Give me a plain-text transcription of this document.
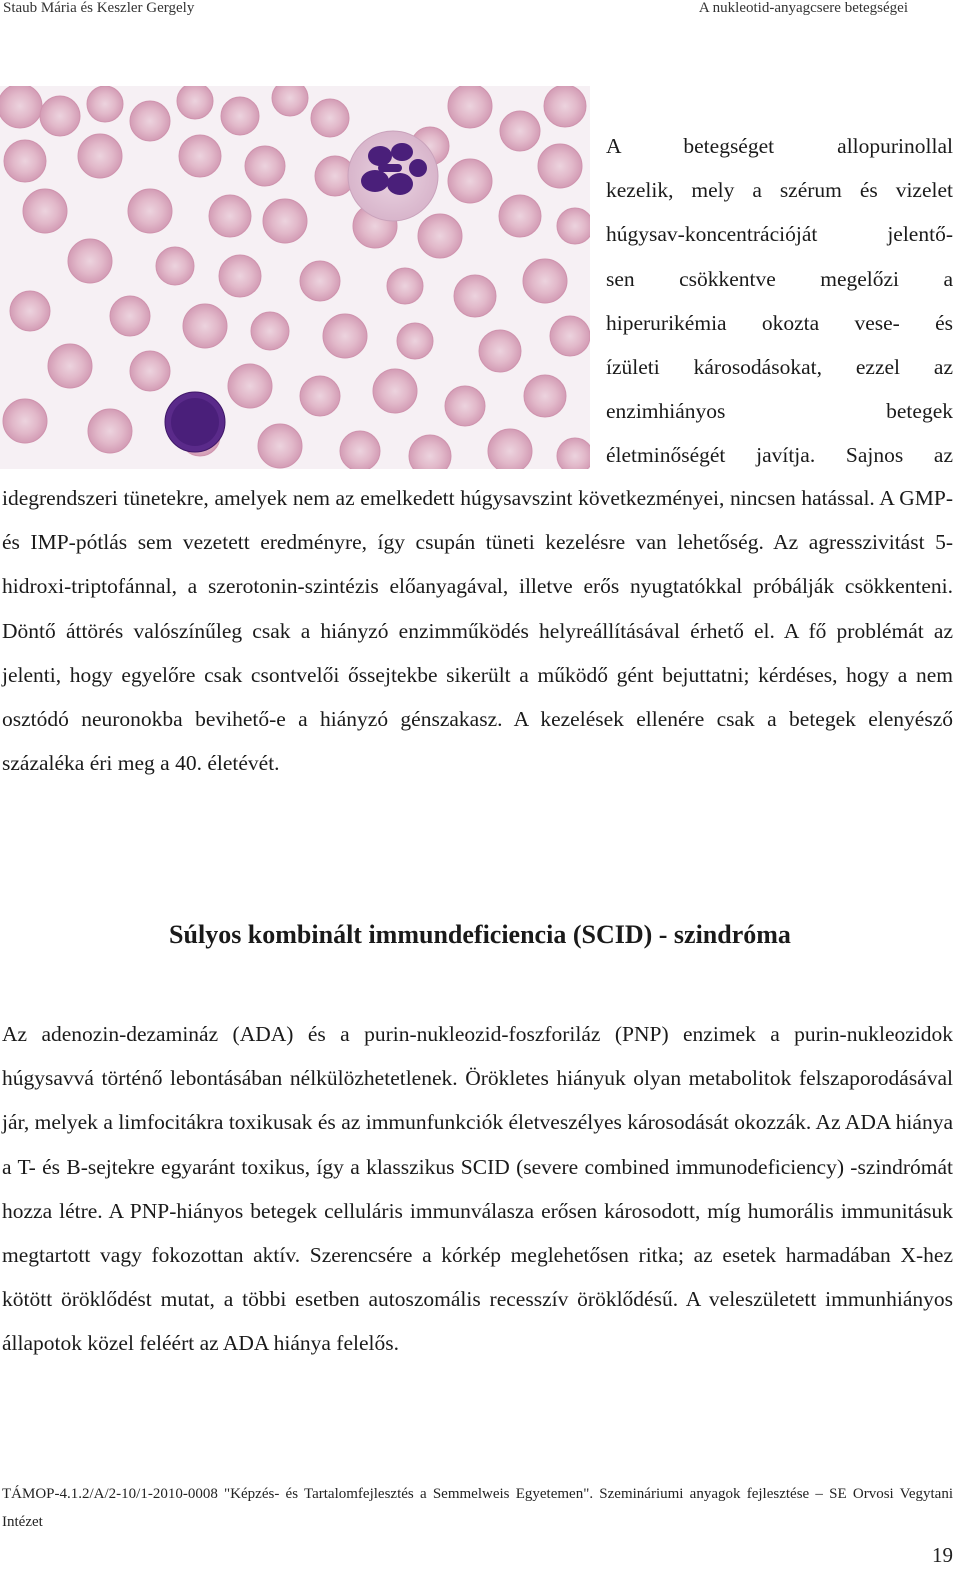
Staub Mária és Keszler Gergely	A nukleotid-anyagcsere betegségei
A betegséget allopurinollal
kezelik, mely a szérum és vizelet
húgysav-koncentrációját jelentő-
sen csökkentve megelőzi a
hiperurikémia okozta vese- és
ízületi károsodásokat, ezzel az
enzimhiányos betegek
életminőségét javítja. Sajnos az
idegrendszeri tünetekre, amelyek nem az emelkedett húgysavszint következményei, nincsen hatással. A GMP- és IMP-pótlás sem vezetett eredményre, így csupán tüneti kezelésre van lehetőség. Az agresszivitást 5-hidroxi-triptofánnal, a szerotonin-szintézis előanyagával, illetve erős nyugtatókkal próbálják csökkenteni. Döntő áttörés valószínűleg csak a hiányzó enzimműködés helyreállításával érhető el. A fő problémát az jelenti, hogy egyelőre csak csontvelői őssejtekbe sikerült a működő gént bejuttatni; kérdéses, hogy a nem osztódó neuronokba bevihető-e a hiányzó génszakasz. A kezelések ellenére csak a betegek elenyésző százaléka éri meg a 40. életévét.
Súlyos kombinált immundeficiencia (SCID) - szindróma
Az adenozin-dezamináz (ADA) és a purin-nukleozid-foszforiláz (PNP) enzimek a purin-nukleozidok húgysavvá történő lebontásában nélkülözhetetlenek. Örökletes hiányuk olyan metabolitok felszaporodásával jár, melyek a limfocitákra toxikusak és az immunfunkciók életveszélyes károsodását okozzák. Az ADA hiánya a T- és B-sejtekre egyaránt toxikus, így a klasszikus SCID (severe combined immunodeficiency) -szindrómát hozza létre. A PNP-hiányos betegek celluláris immunválasza erősen károsodott, míg humorális immunitásuk megtartott vagy fokozottan aktív. Szerencsére a kórkép meglehetősen ritka; az esetek harmadában X-hez kötött öröklődést mutat, a többi esetben autoszomális recesszív öröklődésű. A veleszületett immunhiányos állapotok közel feléért az ADA hiánya felelős.
TÁMOP-4.1.2/A/2-10/1-2010-0008 "Képzés- és Tartalomfejlesztés a Semmelweis Egyetemen". Szemináriumi anyagok fejlesztése – SE Orvosi Vegytani Intézet
19
